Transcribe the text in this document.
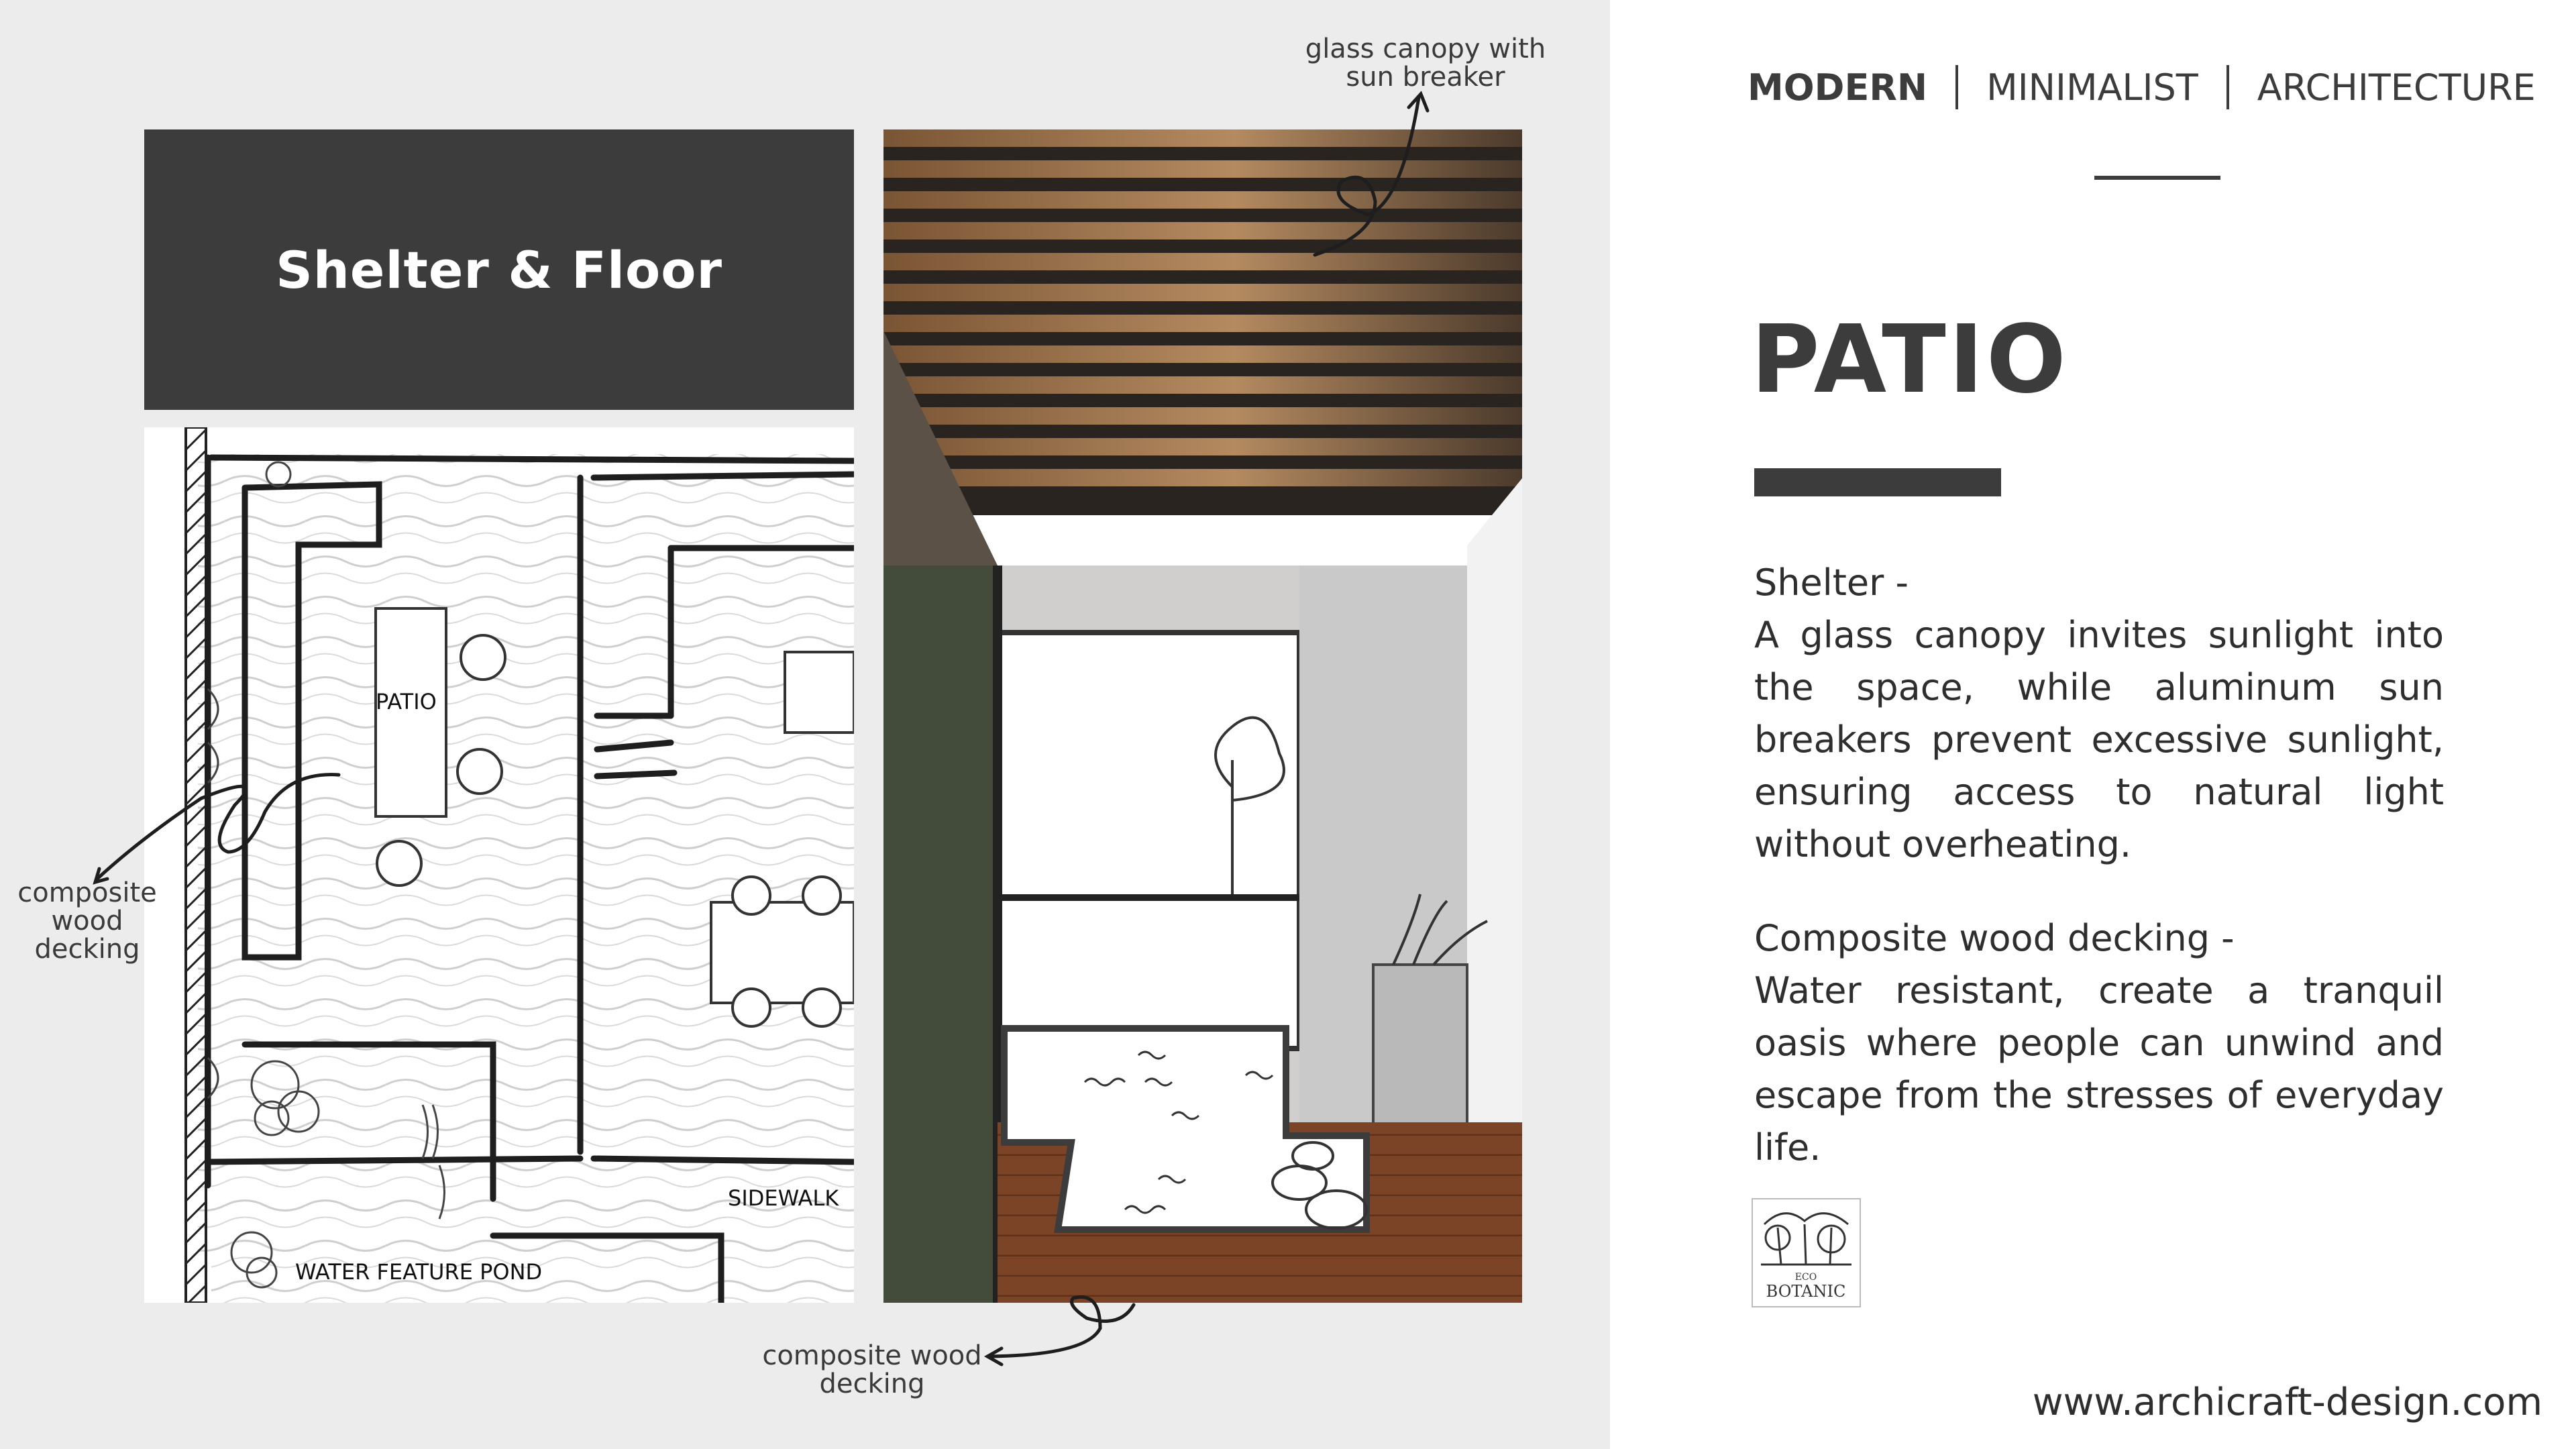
Shelter & Floor
PATIO
SIDEWALK
WATER FEATURE POND
glass canopy with sun breaker
composite wood decking
composite wood decking
MODERN MINIMALIST ARCHITECTURE
PATIO

Shelter -

A glass canopy invites sunlight into the space, while aluminum sun breakers prevent excessive sunlight, ensuring access to natural light without overheating.

Composite wood decking -

Water resistant, create a tranquil oasis where people can unwind and escape from the stresses of everyday life.

ECO
BOTANIC
www.archicraft-design.com
